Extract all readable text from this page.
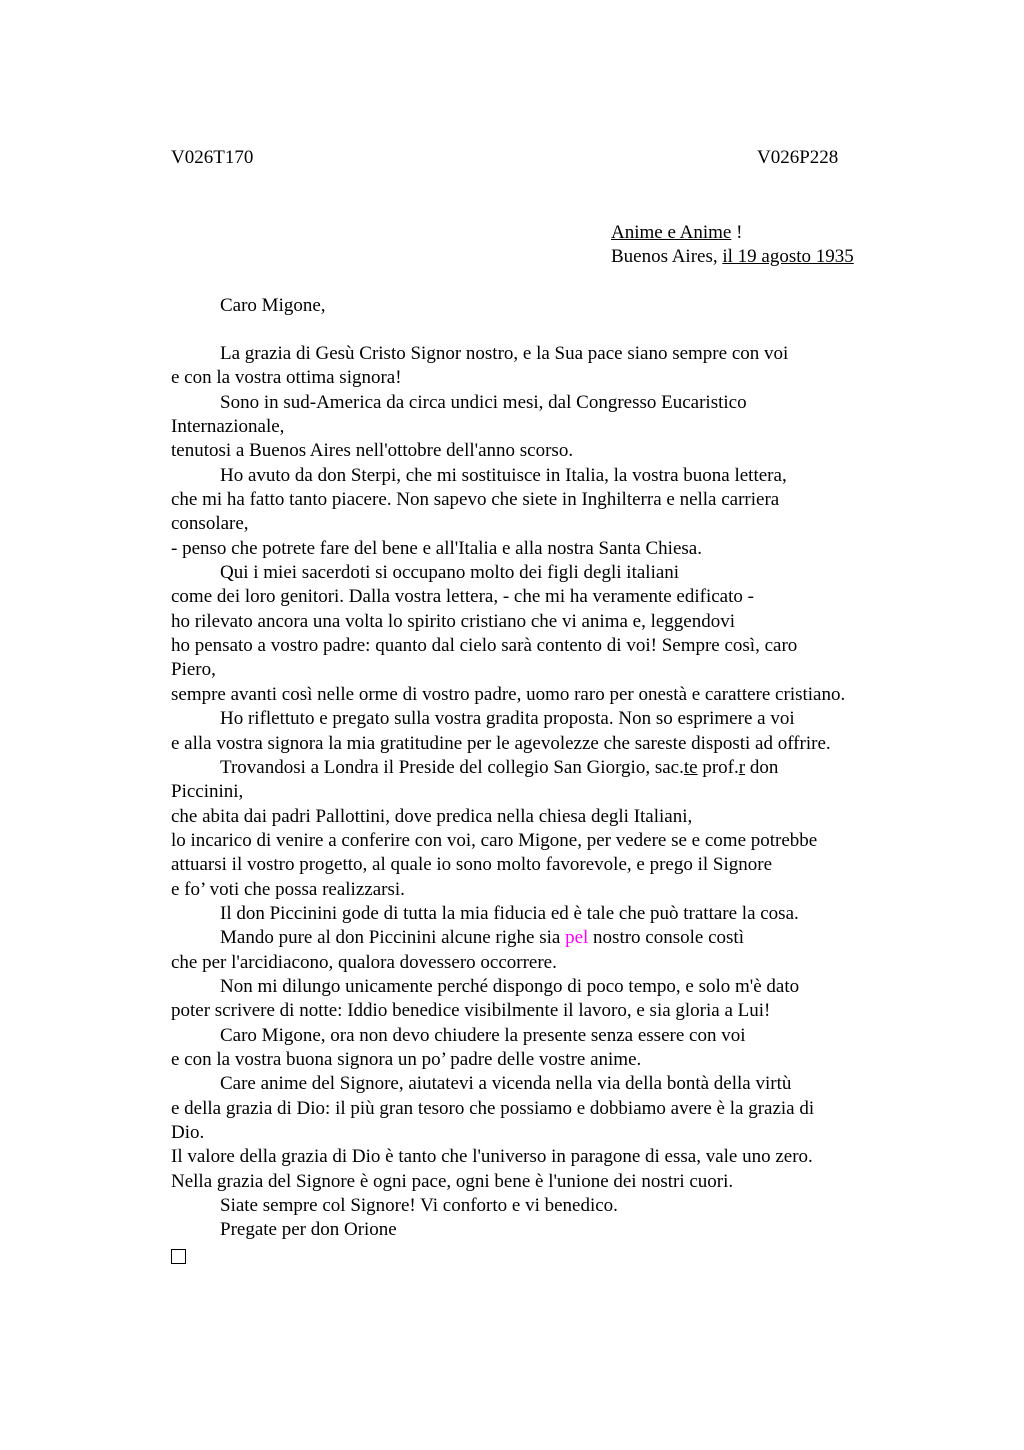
V026T170	V026P228
Anime e Anime !
Buenos Aires, il 19 agosto 1935
Caro Migone,
La grazia di Gesù Cristo Signor nostro, e la Sua pace siano sempre con voi
e con la vostra ottima signora!
Sono in sud-America da circa undici mesi, dal Congresso Eucaristico
Internazionale,
tenutosi a Buenos Aires nell'ottobre dell'anno scorso.
Ho avuto da don Sterpi, che mi sostituisce in Italia, la vostra buona lettera,
che mi ha fatto tanto piacere. Non sapevo che siete in Inghilterra e nella carriera
consolare,
- penso che potrete fare del bene e all'Italia e alla nostra Santa Chiesa.
Qui i miei sacerdoti si occupano molto dei figli degli italiani
come dei loro genitori. Dalla vostra lettera, - che mi ha veramente edificato -
ho rilevato ancora una volta lo spirito cristiano che vi anima e, leggendovi
ho pensato a vostro padre: quanto dal cielo sarà contento di voi! Sempre così, caro
Piero,
sempre avanti così nelle orme di vostro padre, uomo raro per onestà e carattere cristiano.
Ho riflettuto e pregato sulla vostra gradita proposta. Non so esprimere a voi
e alla vostra signora la mia gratitudine per le agevolezze che sareste disposti ad offrire.
Trovandosi a Londra il Preside del collegio San Giorgio, sac.te prof.r don
Piccinini,
che abita dai padri Pallottini, dove predica nella chiesa degli Italiani,
lo incarico di venire a conferire con voi, caro Migone, per vedere se e come potrebbe
attuarsi il vostro progetto, al quale io sono molto favorevole, e prego il Signore
e fo’ voti che possa realizzarsi.
Il don Piccinini gode di tutta la mia fiducia ed è tale che può trattare la cosa.
Mando pure al don Piccinini alcune righe sia pel nostro console costì
che per l'arcidiacono, qualora dovessero occorrere.
Non mi dilungo unicamente perché dispongo di poco tempo, e solo m'è dato
poter scrivere di notte: Iddio benedice visibilmente il lavoro, e sia gloria a Lui!
Caro Migone, ora non devo chiudere la presente senza essere con voi
e con la vostra buona signora un po’ padre delle vostre anime.
Care anime del Signore, aiutatevi a vicenda nella via della bontà della virtù
e della grazia di Dio: il più gran tesoro che possiamo e dobbiamo avere è la grazia di
Dio.
Il valore della grazia di Dio è tanto che l'universo in paragone di essa, vale uno zero.
Nella grazia del Signore è ogni pace, ogni bene è l'unione dei nostri cuori.
Siate sempre col Signore! Vi conforto e vi benedico.
Pregate per don Orione
